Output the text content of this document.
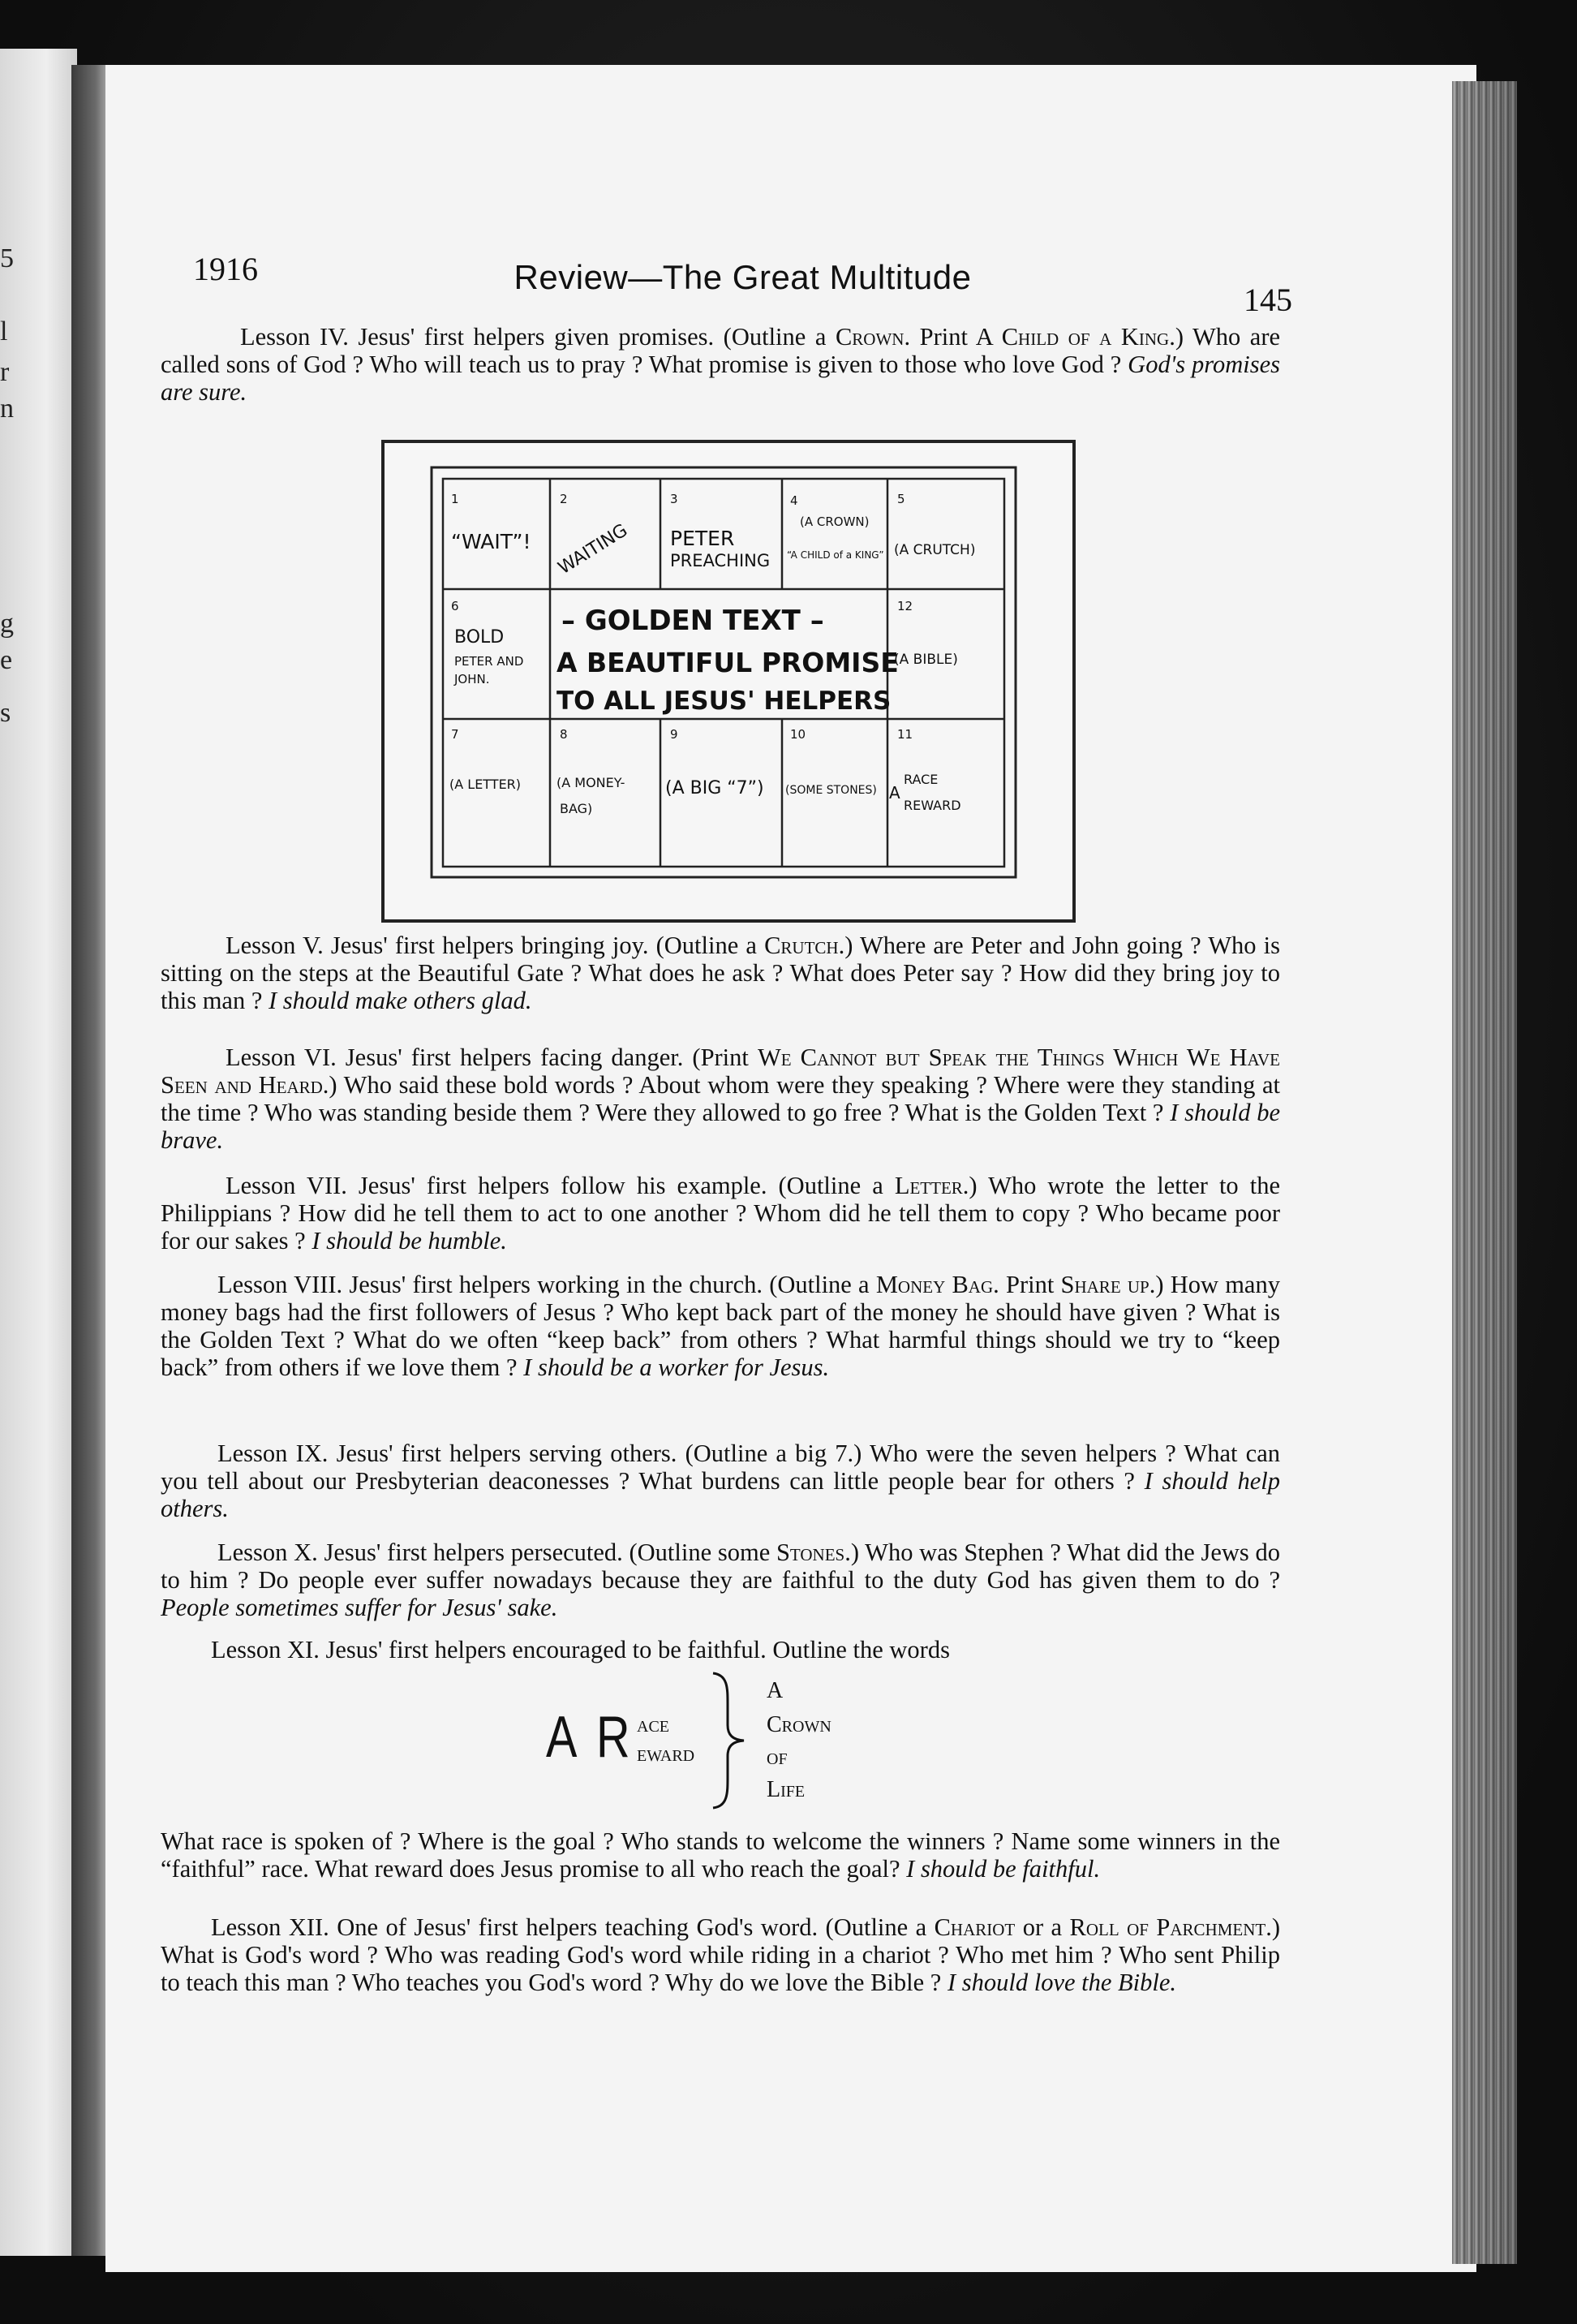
5
l
r
n
g
e
s
1916	Review—The Great Multitude
145
Lesson IV. Jesus' first helpers given promises. (Outline a Crown. Print A Child of a King.) Who are called sons of God ? Who will teach us to pray ? What promise is given to those who love God ? God's promises are sure.
1
“WAIT”!
2
WAITING
3
PETER
PREACHING
4
(A CROWN)
“A CHILD of a KING”
5
(A CRUTCH)
6
BOLD
PETER AND
JOHN.
12
(A BIBLE)
– GOLDEN TEXT –
A BEAUTIFUL PROMISE
TO ALL JESUS' HELPERS
7
(A LETTER)
8
(A MONEY-
BAG)
9
(A BIG “7”)
10
(SOME STONES)
11
A
RACE
REWARD
Lesson V. Jesus' first helpers bringing joy. (Outline a Crutch.) Where are Peter and John going ? Who is sitting on the steps at the Beautiful Gate ? What does he ask ? What does Peter say ? How did they bring joy to this man ? I should make others glad.
Lesson VI. Jesus' first helpers facing danger. (Print We Cannot but Speak the Things Which We Have Seen and Heard.) Who said these bold words ? About whom were they speaking ? Where were they standing at the time ? Who was standing beside them ? Were they allowed to go free ? What is the Golden Text ? I should be brave.
Lesson VII. Jesus' first helpers follow his example. (Outline a Letter.) Who wrote the letter to the Philippians ? How did he tell them to act to one another ? Whom did he tell them to copy ? Who became poor for our sakes ? I should be humble.
Lesson VIII. Jesus' first helpers working in the church. (Outline a Money Bag. Print Share up.) How many money bags had the first followers of Jesus ? Who kept back part of the money he should have given ? What is the Golden Text ? What do we often “keep back” from others ? What harmful things should we try to “keep back” from others if we love them ? I should be a worker for Jesus.
Lesson IX. Jesus' first helpers serving others. (Outline a big 7.) Who were the seven helpers ? What can you tell about our Presbyterian deaconesses ? What burdens can little people bear for others ? I should help others.
Lesson X. Jesus' first helpers persecuted. (Outline some Stones.) Who was Stephen ? What did the Jews do to him ? Do people ever suffer nowadays because they are faithful to the duty God has given them to do ? People sometimes suffer for Jesus' sake.
Lesson XI. Jesus' first helpers encouraged to be faithful. Outline the words
A R ace
eward
A
Crown
of
Life
What race is spoken of ? Where is the goal ? Who stands to welcome the winners ? Name some winners in the “faithful” race. What reward does Jesus promise to all who reach the goal? I should be faithful.
Lesson XII. One of Jesus' first helpers teaching God's word. (Outline a Chariot or a Roll of Parchment.) What is God's word ? Who was reading God's word while riding in a chariot ? Who met him ? Who sent Philip to teach this man ? Who teaches you God's word ? Why do we love the Bible ? I should love the Bible.
